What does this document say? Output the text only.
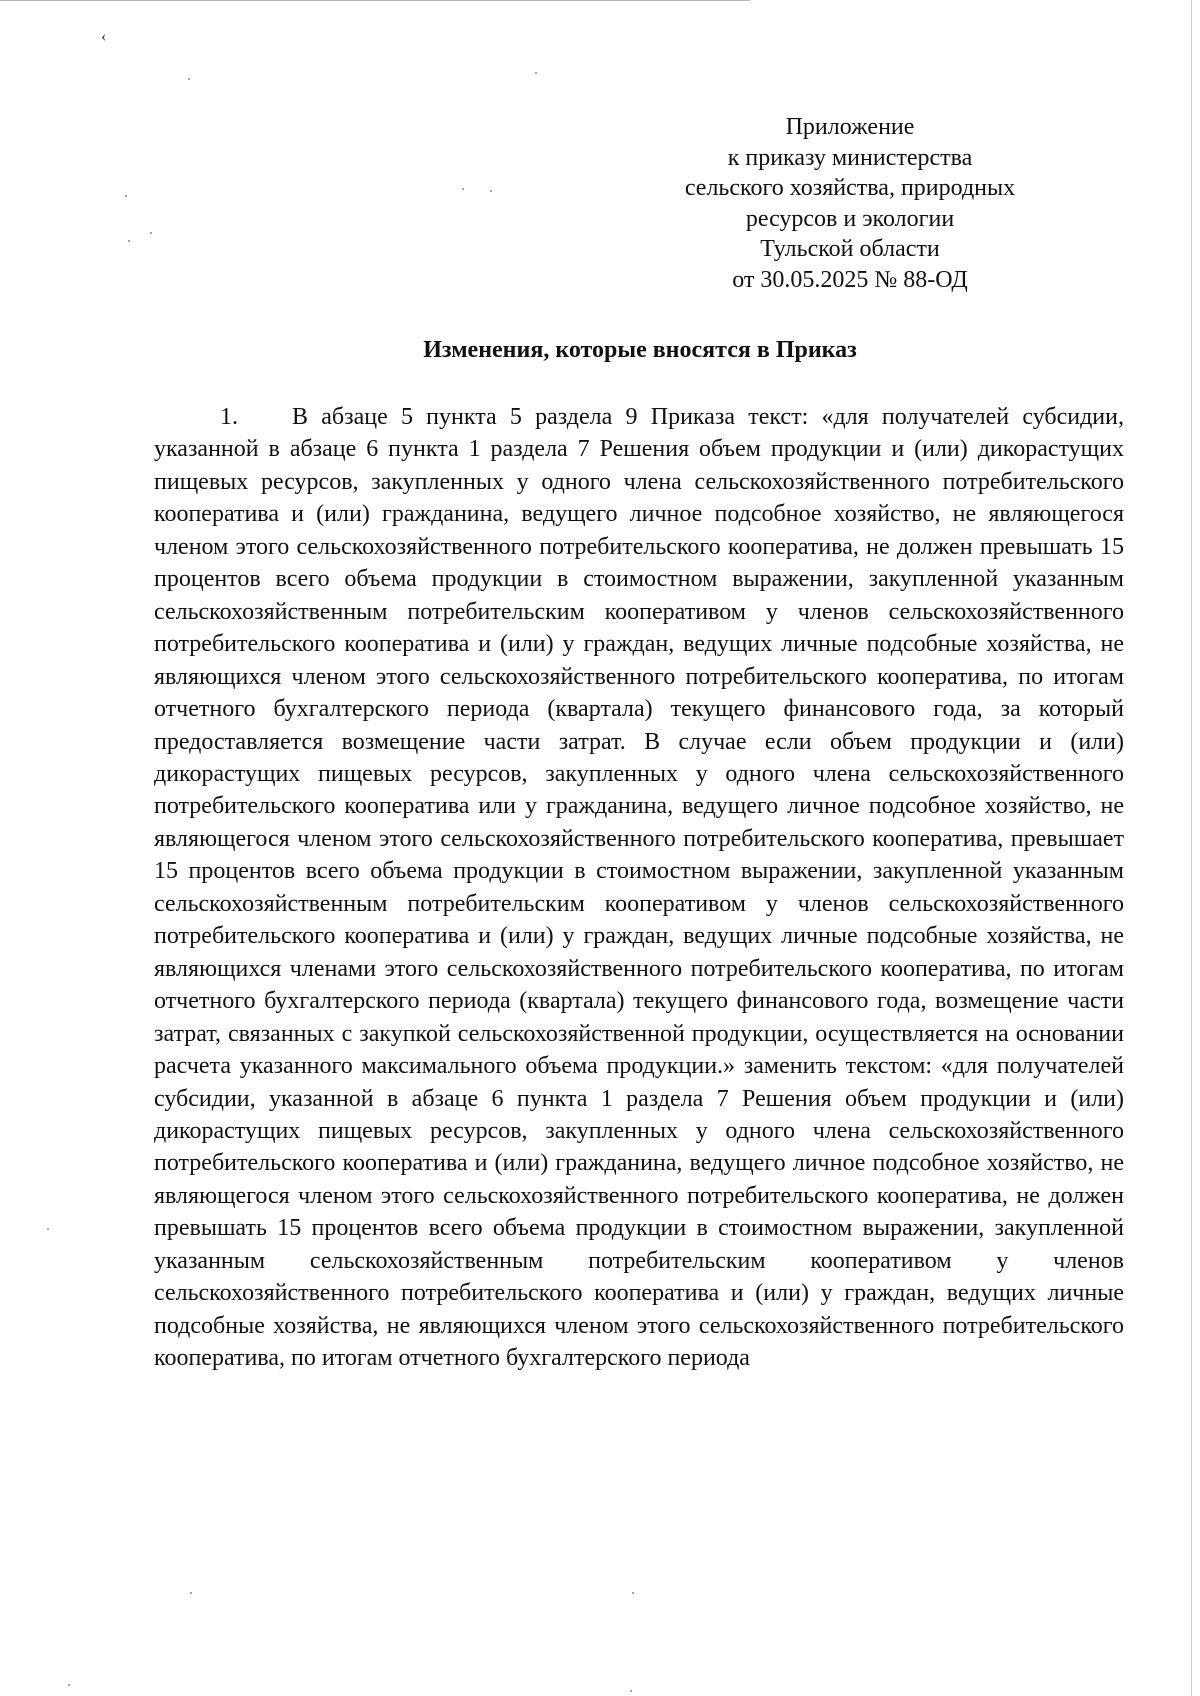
‹
Приложение
к приказу министерства
сельского хозяйства, природных
ресурсов и экологии
Тульской области
от 30.05.2025 № 88-ОД
Изменения, которые вносятся в Приказ
1. В абзаце 5 пункта 5 раздела 9 Приказа текст: «для получателей субсидии, указанной в абзаце 6 пункта 1 раздела 7 Решения объем продукции и (или) дикорастущих пищевых ресурсов, закупленных у одного члена сельскохозяйственного потребительского кооператива и (или) гражданина, ведущего личное подсобное хозяйство, не являющегося членом этого сельскохозяйственного потребительского кооператива, не должен превышать 15 процентов всего объема продукции в стоимостном выражении, закупленной указанным сельскохозяйственным потребительским кооперативом у членов сельскохозяйственного потребительского кооператива и (или) у граждан, ведущих личные подсобные хозяйства, не являющихся членом этого сельскохозяйственного потребительского кооператива, по итогам отчетного бухгалтерского периода (квартала) текущего финансового года, за который предоставляется возмещение части затрат. В случае если объем продукции и (или) дикорастущих пищевых ресурсов, закупленных у одного члена сельскохозяйственного потребительского кооператива или у гражданина, ведущего личное подсобное хозяйство, не являющегося членом этого сельскохозяйственного потребительского кооператива, превышает 15 процентов всего объема продукции в стоимостном выражении, закупленной указанным сельскохозяйственным потребительским кооперативом у членов сельскохозяйственного потребительского кооператива и (или) у граждан, ведущих личные подсобные хозяйства, не являющихся членами этого сельскохозяйственного потребительского кооператива, по итогам отчетного бухгалтерского периода (квартала) текущего финансового года, возмещение части затрат, связанных с закупкой сельскохозяйственной продукции, осуществляется на основании расчета указанного максимального объема продукции.» заменить текстом: «для получателей субсидии, указанной в абзаце 6 пункта 1 раздела 7 Решения объем продукции и (или) дикорастущих пищевых ресурсов, закупленных у одного члена сельскохозяйственного потребительского кооператива и (или) гражданина, ведущего личное подсобное хозяйство, не являющегося членом этого сельскохозяйственного потребительского кооператива, не должен превышать 15 процентов всего объема продукции в стоимостном выражении, закупленной указанным сельскохозяйственным потребительским кооперативом у членов сельскохозяйственного потребительского кооператива и (или) у граждан, ведущих личные подсобные хозяйства, не являющихся членом этого сельскохозяйственного потребительского кооператива, по итогам отчетного бухгалтерского периода
